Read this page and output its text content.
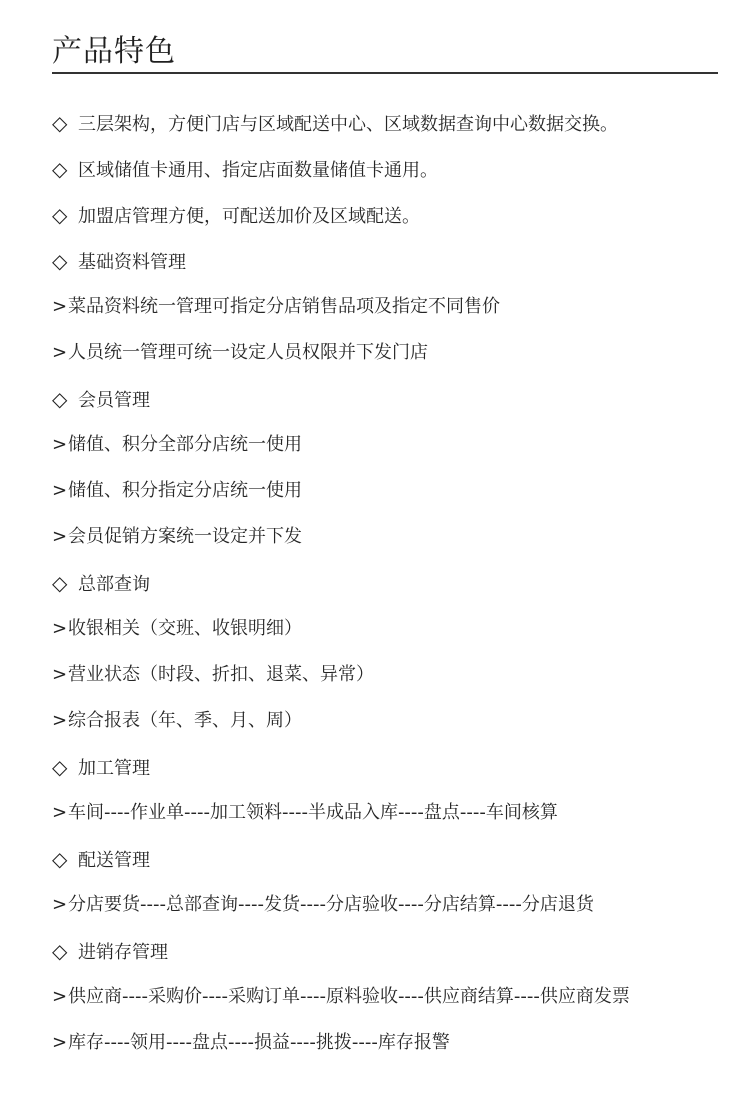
产品特色
◇ 三层架构，方便门店与区域配送中心、区域数据查询中心数据交换。
◇ 区域储值卡通用、指定店面数量储值卡通用。
◇ 加盟店管理方便，可配送加价及区域配送。
◇ 基础资料管理
>菜品资料统一管理可指定分店销售品项及指定不同售价
>人员统一管理可统一设定人员权限并下发门店
◇ 会员管理
>储值、积分全部分店统一使用
>储值、积分指定分店统一使用
>会员促销方案统一设定并下发
◇ 总部查询
>收银相关（交班、收银明细）
>营业状态（时段、折扣、退菜、异常）
>综合报表（年、季、月、周）
◇ 加工管理
>车间----作业单----加工领料----半成品入库----盘点----车间核算
◇ 配送管理
>分店要货----总部查询----发货----分店验收----分店结算----分店退货
◇ 进销存管理
>供应商----采购价----采购订单----原料验收----供应商结算----供应商发票
>库存----领用----盘点----损益----挑拨----库存报警
